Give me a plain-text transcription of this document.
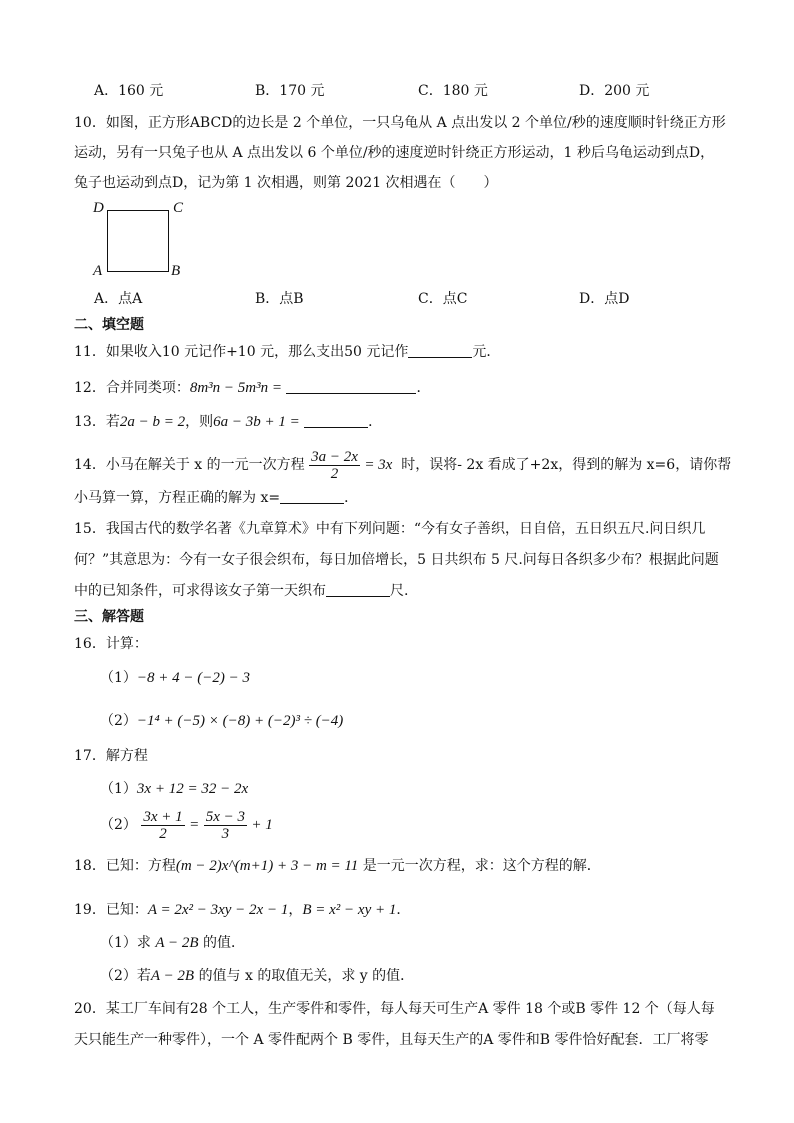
A．160 元	B．170 元	C．180 元	D．200 元
10．如图，正方形ABCD的边长是 2 个单位，一只乌龟从 A 点出发以 2 个单位/秒的速度顺时针绕正方形
运动，另有一只兔子也从 A 点出发以 6 个单位/秒的速度逆时针绕正方形运动，1 秒后乌龟运动到点D，
兔子也运动到点D，记为第 1 次相遇，则第 2021 次相遇在（　　）
D	C
A	B
A．点A	B．点B	C．点C	D．点D
二、填空题
11．如果收入10 元记作+10 元，那么支出50 元记作	元．
12．合并同类项：8m³n − 5m³n =	．
13．若2a − b = 2，则6a − 3b + 1 =	．
14．小马在解关于 x 的一元一次方程 $\frac{3a - 2x}{2} = 3x$ 时，误将- 2x 看成了+2x，得到的解为 x=6，请你帮
小马算一算，方程正确的解为 x=	．
15．我国古代的数学名著《九章算术》中有下列问题：“今有女子善织，日自倍，五日织五尺.问日织几
何？”其意思为：今有一女子很会织布，每日加倍增长，5 日共织布 5 尺.问每日各织多少布？根据此问题
中的已知条件，可求得该女子第一天织布	尺.
三、解答题
16．计算：
（1）−8 + 4 − (−2) − 3
（2）−1⁴ + (−5) × (−8) + (−2)³ ÷ (−4)
17．解方程
（1）3x + 12 = 32 − 2x
$(2) \frac{3x + 1}{2} = \frac{5x - 3}{3} + 1$
18．已知：方程(m − 2)x^(m+1) + 3 − m = 11 是一元一次方程，求：这个方程的解．
19．已知：A = 2x² − 3xy − 2x − 1，B = x² − xy + 1．
（1）求 A − 2B 的值．
（2）若A − 2B 的值与 x 的取值无关，求 y 的值．
20．某工厂车间有28 个工人，生产零件和零件，每人每天可生产A 零件 18 个或B 零件 12 个（每人每
天只能生产一种零件），一个 A 零件配两个 B 零件，且每天生产的A 零件和B 零件恰好配套．工厂将零
